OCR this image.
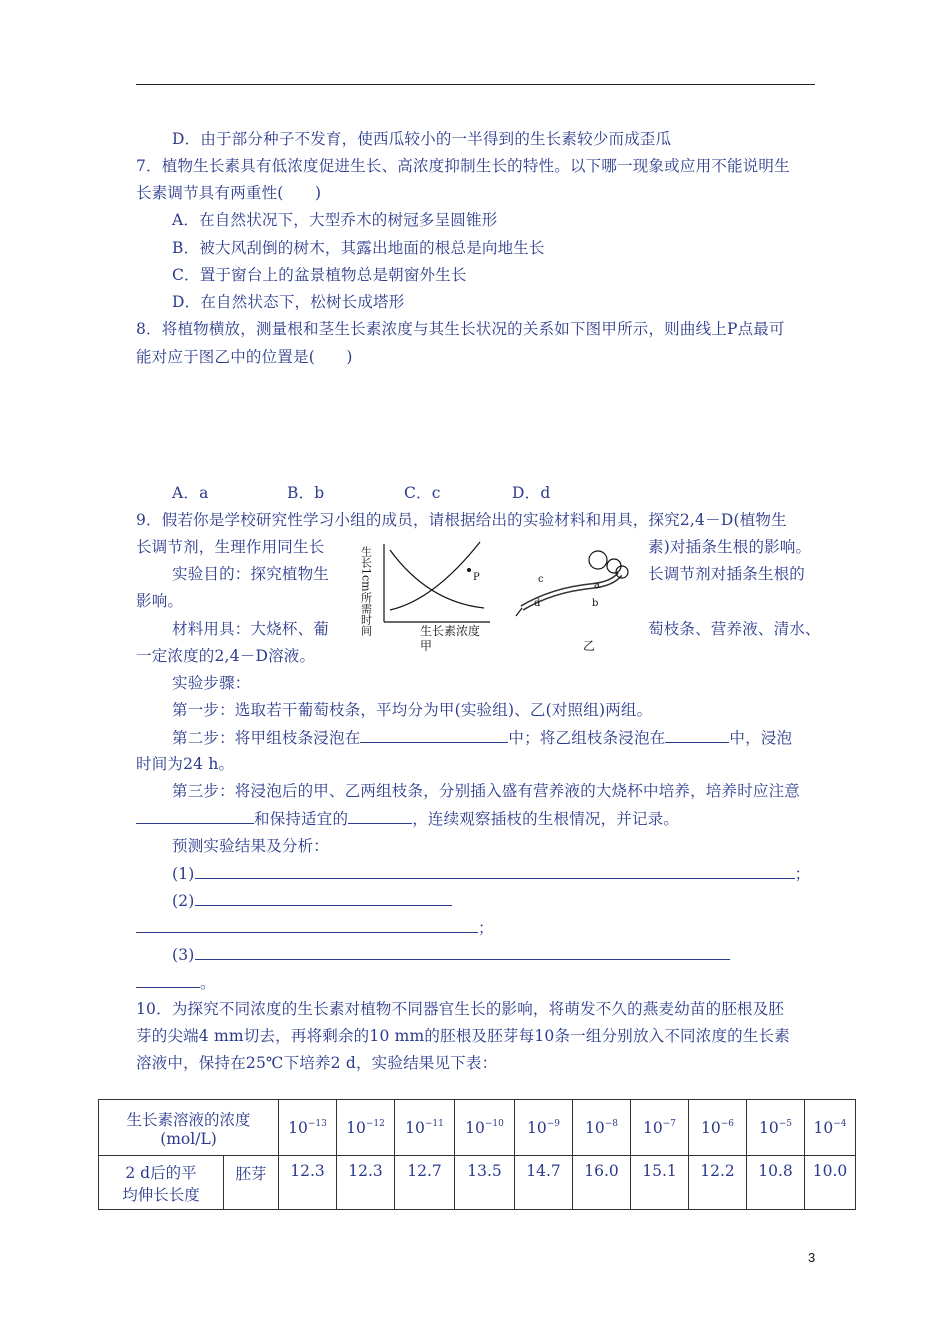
D．由于部分种子不发育，使西瓜较小的一半得到的生长素较少而成歪瓜
7．植物生长素具有低浓度促进生长、高浓度抑制生长的特性。以下哪一现象或应用不能说明生
长素调节具有两重性(　　)
A．在自然状况下，大型乔木的树冠多呈圆锥形
B．被大风刮倒的树木，其露出地面的根总是向地生长
C．置于窗台上的盆景植物总是朝窗外生长
D．在自然状态下，松树长成塔形
8．将植物横放，测量根和茎生长素浓度与其生长状况的关系如下图甲所示，则曲线上P点最可
能对应于图乙中的位置是(　　)
A．a	B．b	C．c	D．d
9．假若你是学校研究性学习小组的成员，请根据给出的实验材料和用具，探究2,4－D(植物生
长调节剂，生理作用同生长	素)对插条生根的影响。
实验目的：探究植物生	长调节剂对插条生根的
影响。
材料用具：大烧杯、葡	萄枝条、营养液、清水、
一定浓度的2,4－D溶液。
P
生长1cm所需时间	生长素浓度
甲
a
b
c
d
乙
实验步骤：
第一步：选取若干葡萄枝条，平均分为甲(实验组)、乙(对照组)两组。
第二步：将甲组枝条浸泡在	中；将乙组枝条浸泡在	中，浸泡
时间为24 h。
第三步：将浸泡后的甲、乙两组枝条，分别插入盛有营养液的大烧杯中培养，培养时应注意
和保持适宜的	，连续观察插枝的生根情况，并记录。
预测实验结果及分析：
(1)	；
(2)
；
(3)
。
10．为探究不同浓度的生长素对植物不同器官生长的影响，将萌发不久的燕麦幼苗的胚根及胚
芽的尖端4 mm切去，再将剩余的10 mm的胚根及胚芽每10条一组分别放入不同浓度的生长素
溶液中，保持在25℃下培养2 d，实验结果见下表：
生长素溶液的浓度
(mol/L)		$10^{-13}$	$10^{-12}$	$10^{-11}$	$10^{-10}$	$10^{-9}$	$10^{-8}$	$10^{-7}$	$10^{-6}$	$10^{-5}$	$10^{-4}$

2 d后的平
均伸长长度	胚芽	12.3	12.3	12.7	13.5	14.7	16.0	15.1	12.2	10.8	10.0
3
